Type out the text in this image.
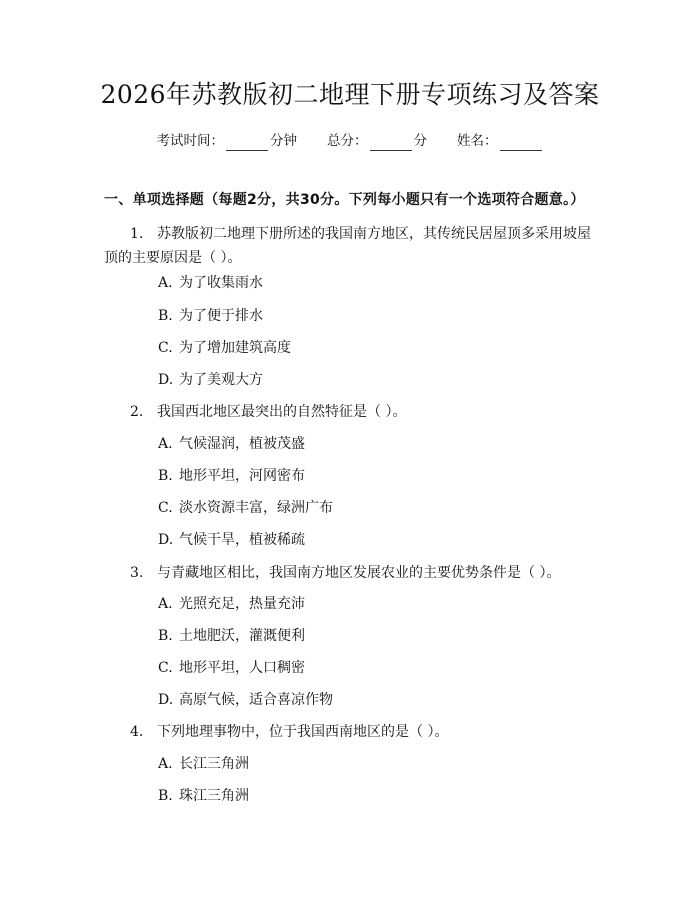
2026年苏教版初二地理下册专项练习及答案
考试时间：	分钟 总分：	分 姓名：
一、单项选择题（每题2分，共30分。下列每小题只有一个选项符合题意。）
1. 苏教版初二地理下册所述的我国南方地区，其传统民居屋顶多采用坡屋顶的主要原因是（ ）。
A. 为了收集雨水
B. 为了便于排水
C. 为了增加建筑高度
D. 为了美观大方
2. 我国西北地区最突出的自然特征是（ ）。
A. 气候湿润，植被茂盛
B. 地形平坦，河网密布
C. 淡水资源丰富，绿洲广布
D. 气候干旱，植被稀疏
3. 与青藏地区相比，我国南方地区发展农业的主要优势条件是（ ）。
A. 光照充足，热量充沛
B. 土地肥沃，灌溉便利
C. 地形平坦，人口稠密
D. 高原气候，适合喜凉作物
4. 下列地理事物中，位于我国西南地区的是（ ）。
A. 长江三角洲
B. 珠江三角洲
